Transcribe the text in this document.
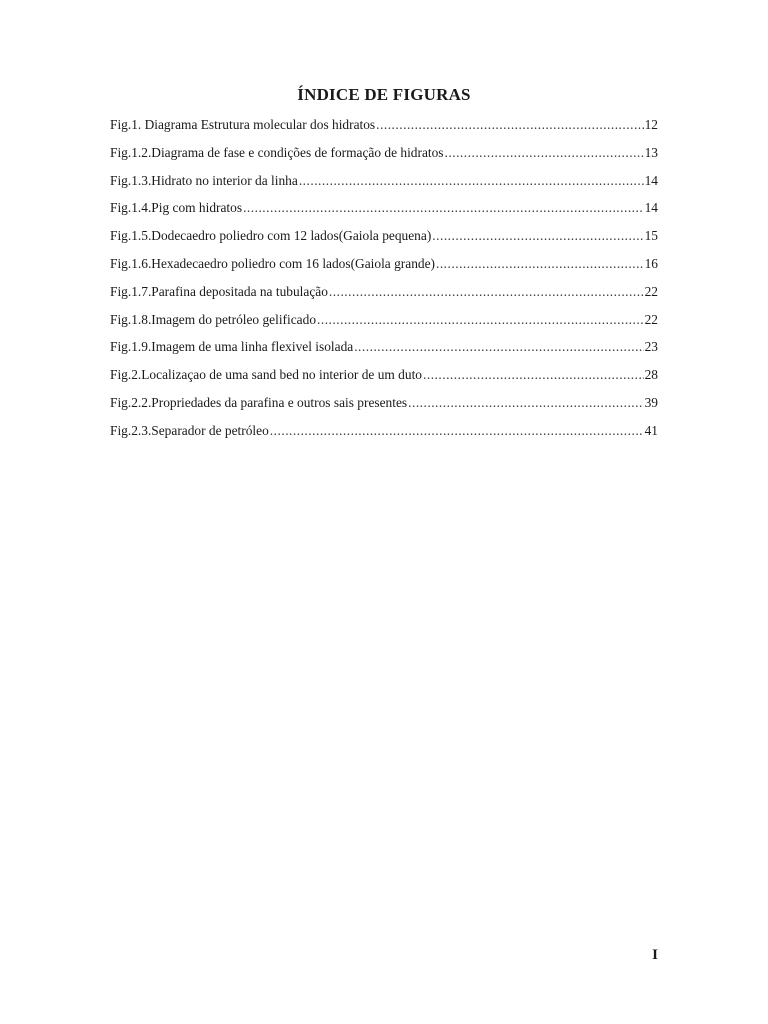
ÍNDICE DE FIGURAS
Fig.1. Diagrama Estrutura molecular dos hidratos .....	12
Fig.1.2.Diagrama de fase e condições de formação de hidratos .....	13
Fig.1.3.Hidrato no interior da linha .....	14
Fig.1.4.Pig com hidratos .....	14
Fig.1.5.Dodecaedro poliedro com 12 lados(Gaiola pequena) .....	15
Fig.1.6.Hexadecaedro poliedro com 16 lados(Gaiola grande) .....	16
Fig.1.7.Parafina depositada na tubulação .....	22
Fig.1.8.Imagem do petróleo gelificado .....	22
Fig.1.9.Imagem de uma linha flexivel isolada .....	23
Fig.2.Localizaçao de uma sand bed no interior de um duto .....	28
Fig.2.2.Propriedades da parafina e outros sais presentes .....	39
Fig.2.3.Separador de petróleo .....	41
I
